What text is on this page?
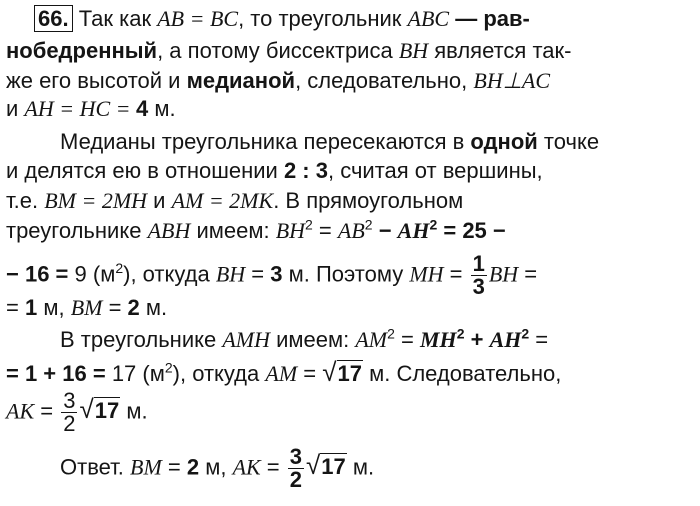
66. Так как AB = BC, то треугольник ABC — рав-
нобедренный, а потому биссектриса BH является так-
же его высотой и медианой, следовательно, BH⊥AC
и AH = HC = 4 м.
Медианы треугольника пересекаются в одной точке
и делятся ею в отношении 2 : 3, считая от вершины,
т.е. BM = 2MH и AM = 2MK. В прямоугольном
треугольнике ABH имеем: $BH^2 = AB^2 - AH^2 = 25$ −
− 16 = 9 $(м^2)$, откуда BH = 3 м. Поэтому MH = $\frac{1}{3}$ BH =
= 1 м, BM = 2 м.
В треугольнике AMH имеем: $AM^2 = MH^2 + AH^2$ =
= 1 + 16 = 17 $(м^2)$, откуда AM = √17 м. Следовательно,
AK = $\frac{3}{2} √17$ м.
Ответ. BM = 2 м, AK = $\frac{3}{2} √17$ м.
